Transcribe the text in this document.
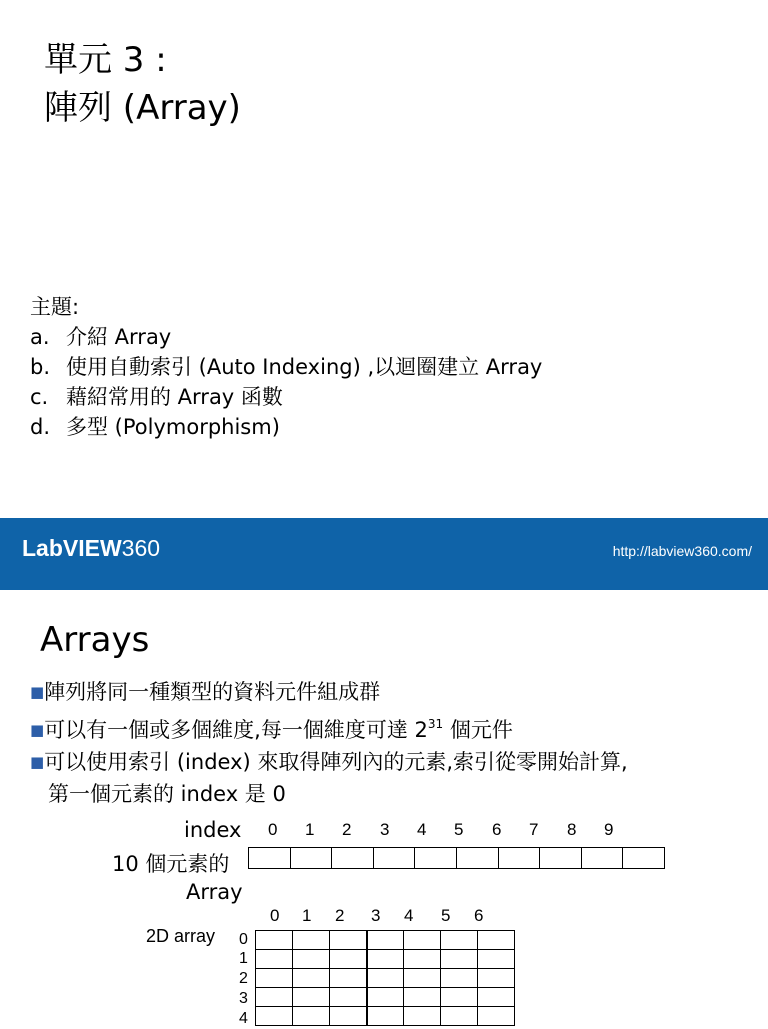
單元 3 :
陣列 (Array)
主題:
a. 介紹 Array
b. 使用自動索引 (Auto Indexing) ,以迴圈建立 Array
c. 藉紹常用的 Array 函數
d. 多型 (Polymorphism)
LabVIEW360	http://labview360.com/
Arrays
■陣列將同一種類型的資料元件組成群
■可以有一個或多個維度,每一個維度可達 $2^{31}$ 個元件
■可以使用索引 (index) 來取得陣列內的元素,索引從零開始計算,
第一個元素的 index 是 0
index 0 1 2 3 4 5 6 7 8 9
10 個元素的
Array
0 1 2 3 4 5 6
2D array 0
1
2
3
4
